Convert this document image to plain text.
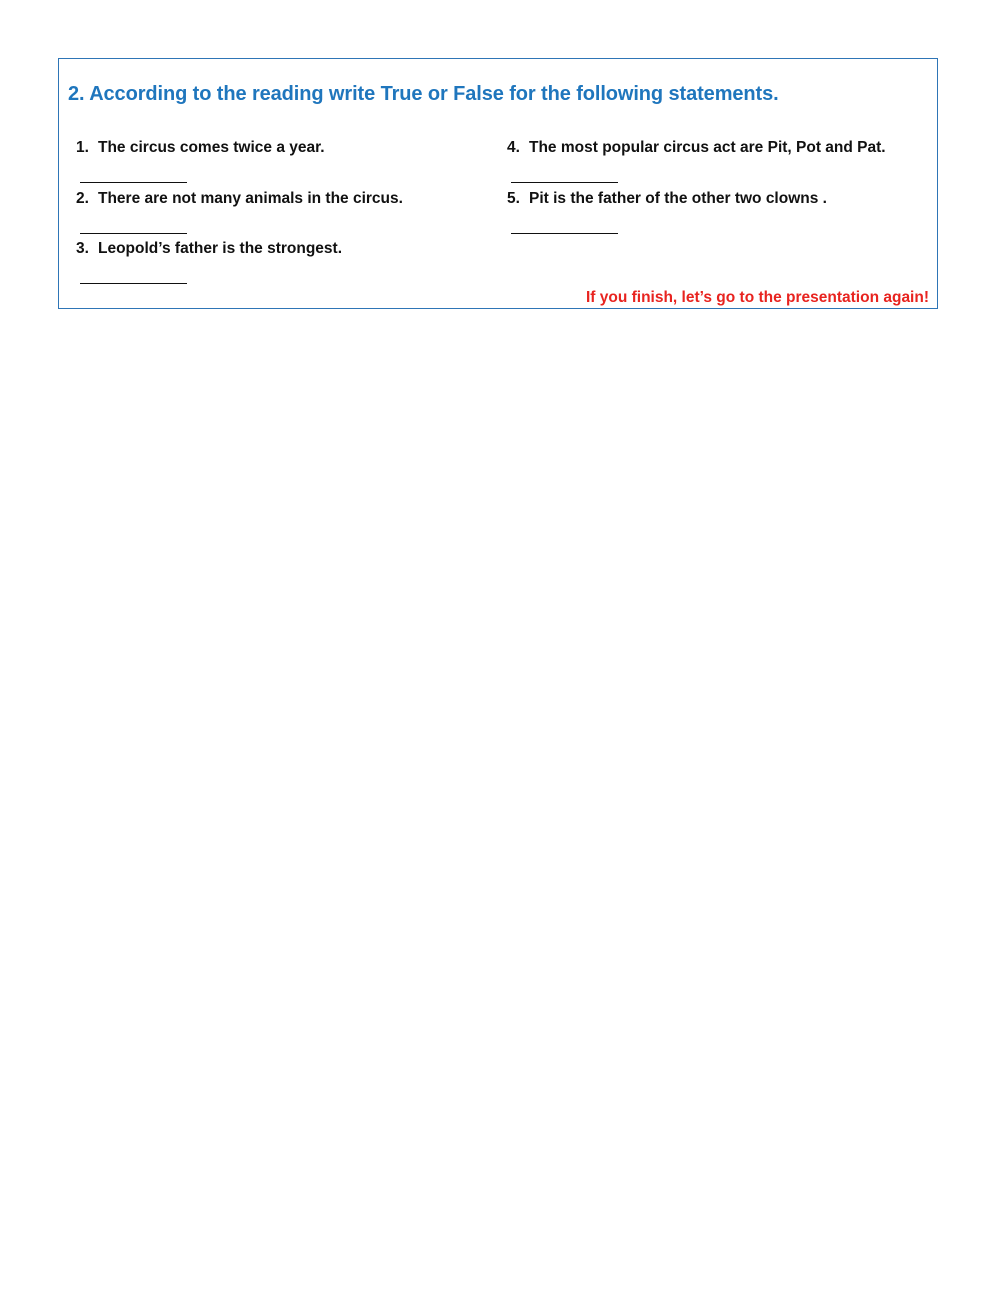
2. According to the reading write True or False for the following statements.
1. The circus comes twice a year.
2. There are not many animals in the circus.
3. Leopold’s father is the strongest.
4. The most popular circus act are Pit, Pot and Pat.
5. Pit is the father of the other two clowns .
If you finish, let’s go to the presentation again!
